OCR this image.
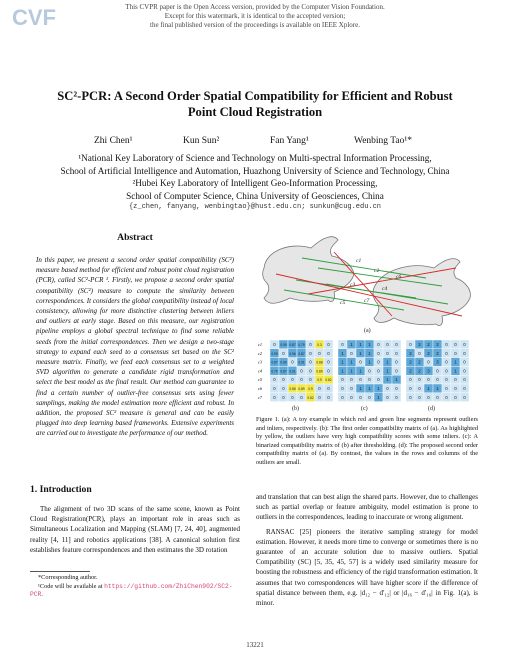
CVF	This CVPR paper is the Open Access version, provided by the Computer Vision Foundation.
Except for this watermark, it is identical to the accepted version;
the final published version of the proceedings is available on IEEE Xplore.
SC²-PCR: A Second Order Spatial Compatibility for Efficient and Robust
Point Cloud Registration
Zhi Chen¹	Kun Sun²	Fan Yang¹	Wenbing Tao¹*
¹National Key Laboratory of Science and Technology on Multi-spectral Information Processing,
School of Artificial Intelligence and Automation, Huazhong University of Science and Technology, China
²Hubei Key Laboratory of Intelligent Geo-Information Processing,
School of Computer Science, China University of Geosciences, China
{z_chen, fanyang, wenbingtao}@hust.edu.cn; sunkun@cug.edu.cn
Abstract

In this paper, we present a second order spatial compatibility (SC²) measure based method for efficient and robust point cloud registration (PCR), called SC²-PCR ¹. Firstly, we propose a second order spatial compatibility (SC²) measure to compute the similarity between correspondences. It considers the global compatibility instead of local consistency, allowing for more distinctive clustering between inliers and outliers at early stage. Based on this measure, our registration pipeline employs a global spectral technique to find some reliable seeds from the initial correspondences. Then we design a two-stage strategy to expand each seed to a consensus set based on the SC² measure matrix. Finally, we feed each consensus set to a weighted SVD algorithm to generate a candidate rigid transformation and select the best model as the final result. Our method can guarantee to find a certain number of outlier-free consensus sets using fewer samplings, making the model estimation more efficient and robust. In addition, the proposed SC² measure is general and can be easily plugged into deep learning based frameworks. Extensive experiments are carried out to investigate the performance of our method.

1. Introduction

The alignment of two 3D scans of the same scene, known as Point Cloud Registration(PCR), plays an important role in areas such as Simultaneous Localization and Mapping (SLAM) [7, 24, 40], augmented reality [4, 11] and robotics applications [38]. A canonical solution first establishes feature correspondences and then estimates the 3D rotation

*Corresponding author.
¹Code will be available at https://github.com/ZhiChen902/SC2-PCR.
c1
c2
c3
c4
c5
c6
c7
(a)
c1	0 0.99 0.87 0.79 0 0.3 0
c2	0.99 0 0.96 0.87 0 0 0
c3	0.87 0.96 0 0.91 0 0.88 0
c4	0.79 0.87 0.91 0 0 0.89 0
c5	0 0 0 0 0 0.9 0.82
c6	0 0 0.88 0.89 0.9 0 0
c7	0 0 0 0 0.82 0 0
0 1 1 1 0 0 0
1 0 1 1 0 0 0
1 1 0 1 0 1 0
1 1 1 0 0 1 0
0 0 0 0 0 1 1
0 0 1 1 1 0 0
0 0 0 0 1 0 0
0 2 2 2 0 0 0
2 0 2 2 0 0 0
2 2 0 3 0 1 0
2 2 3 0 0 1 0
0 0 0 0 0 0 0
0 0 1 1 0 0 0
0 0 0 0 0 0 0
(b)	(c)	(d)

Figure 1. (a): A toy example in which red and green line segments represent outliers and inliers, respectively. (b): The first order compatibility matrix of (a). As highlighted by yellow, the outliers have very high compatibility scores with some inliers. (c): A binarized compatibility matrix of (b) after thresholding. (d): The proposed second order compatibility matrix of (a). By contrast, the values in the rows and columns of the outliers are small.

and translation that can best align the shared parts. However, due to challenges such as partial overlap or feature ambiguity, model estimation is prone to outliers in the correspondences, leading to inaccurate or wrong alignment.

RANSAC [25] pioneers the iterative sampling strategy for model estimation. However, it needs more time to converge or sometimes there is no guarantee of an accurate solution due to massive outliers. Spatial Compatibility (SC) [5, 35, 45, 57] is a widely used similarity measure for boosting the robustness and efficiency of the rigid transformation estimation. It assumes that two correspondences will have higher score if the difference of spatial distance between them, e.g. |d₁₂ − d′₁₂| or |d₁₆ − d′₁₆| in Fig. 1(a), is minor.

13221
